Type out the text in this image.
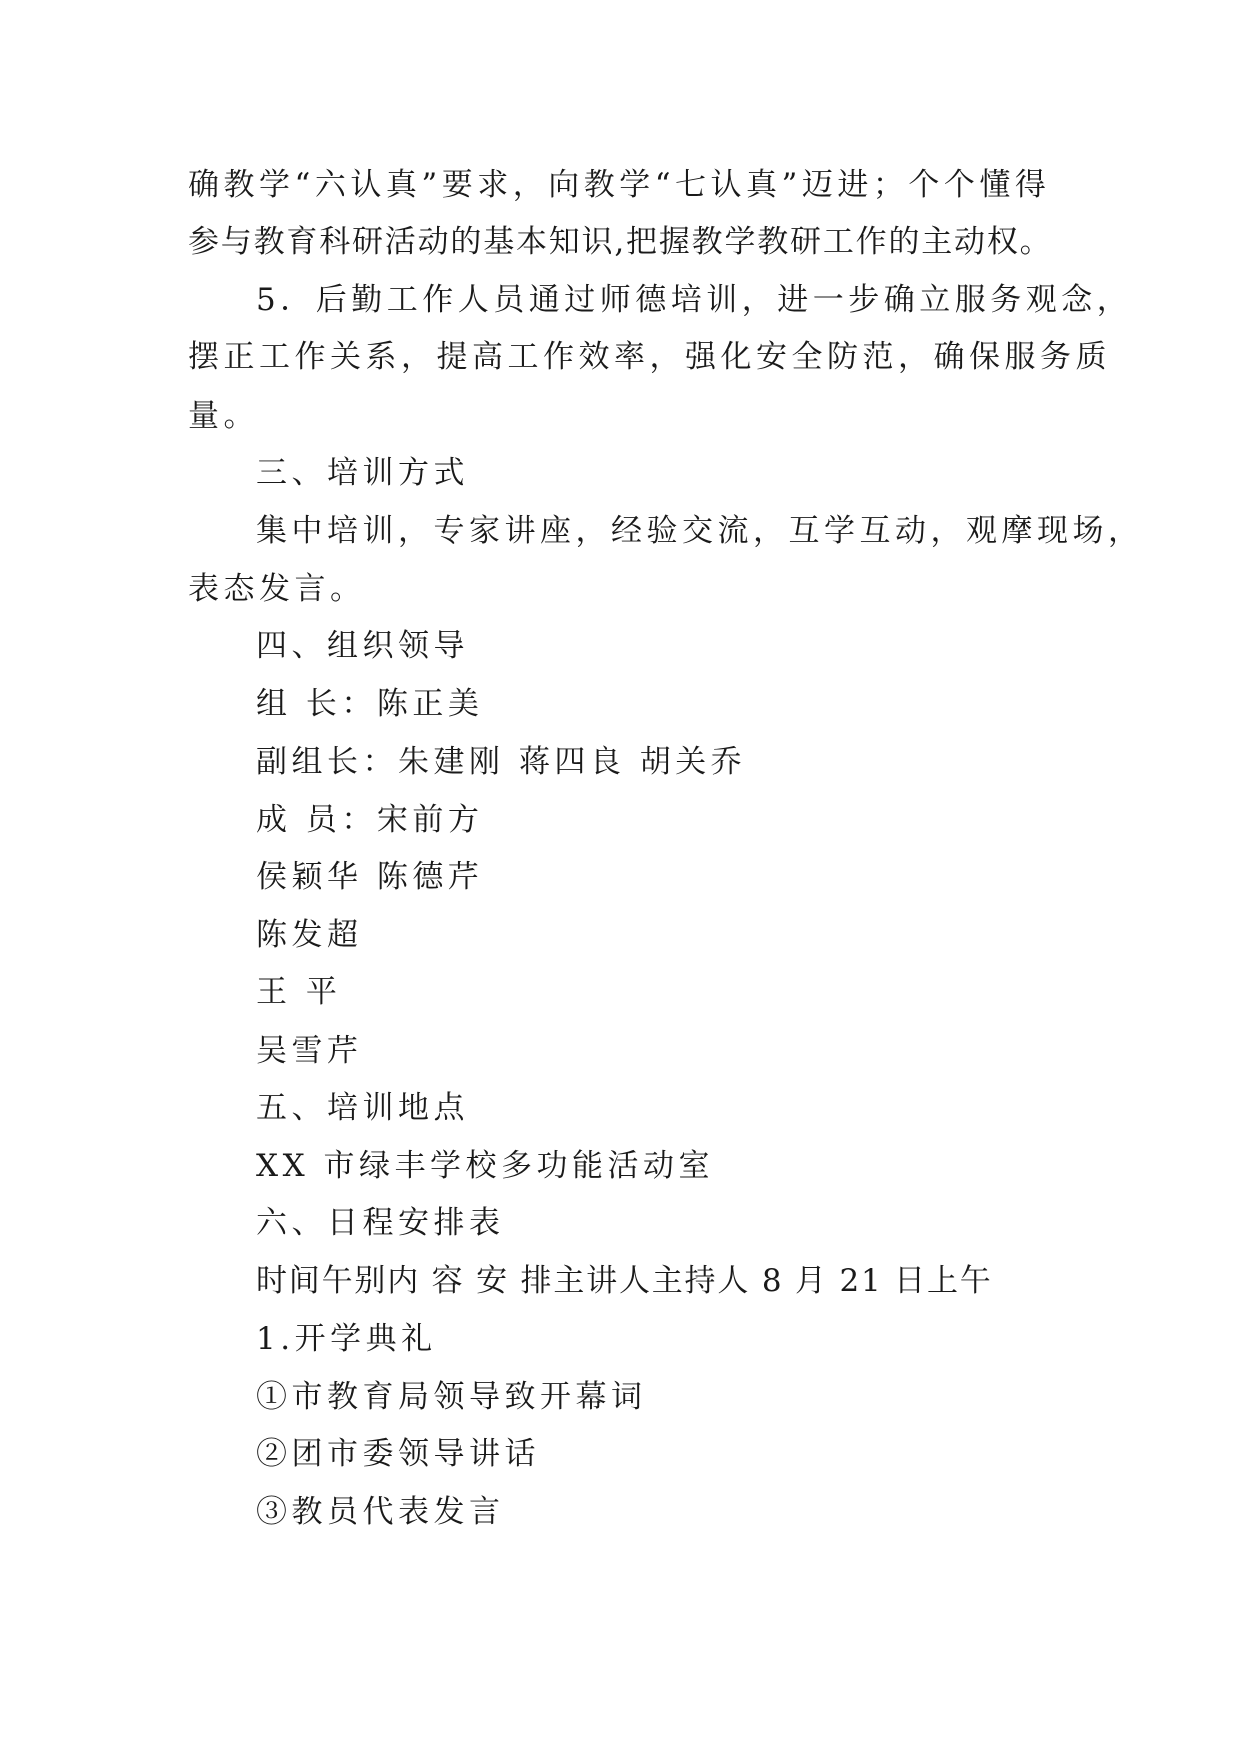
确教学“六认真”要求，向教学“七认真”迈进；个个懂得
参与教育科研活动的基本知识,把握教学教研工作的主动权。
5．后勤工作人员通过师德培训，进一步确立服务观念，
摆正工作关系，提高工作效率，强化安全防范，确保服务质
量。
三、培训方式
集中培训，专家讲座，经验交流，互学互动，观摩现场，
表态发言。
四、组织领导
组 长：陈正美
副组长：朱建刚 蒋四良 胡关乔
成 员：宋前方
侯颖华 陈德芹
陈发超
王 平
吴雪芹
五、培训地点
XX 市绿丰学校多功能活动室
六、日程安排表
时间午别内 容 安 排主讲人主持人 8 月 21 日上午
1.开学典礼
①市教育局领导致开幕词
②团市委领导讲话
③教员代表发言
